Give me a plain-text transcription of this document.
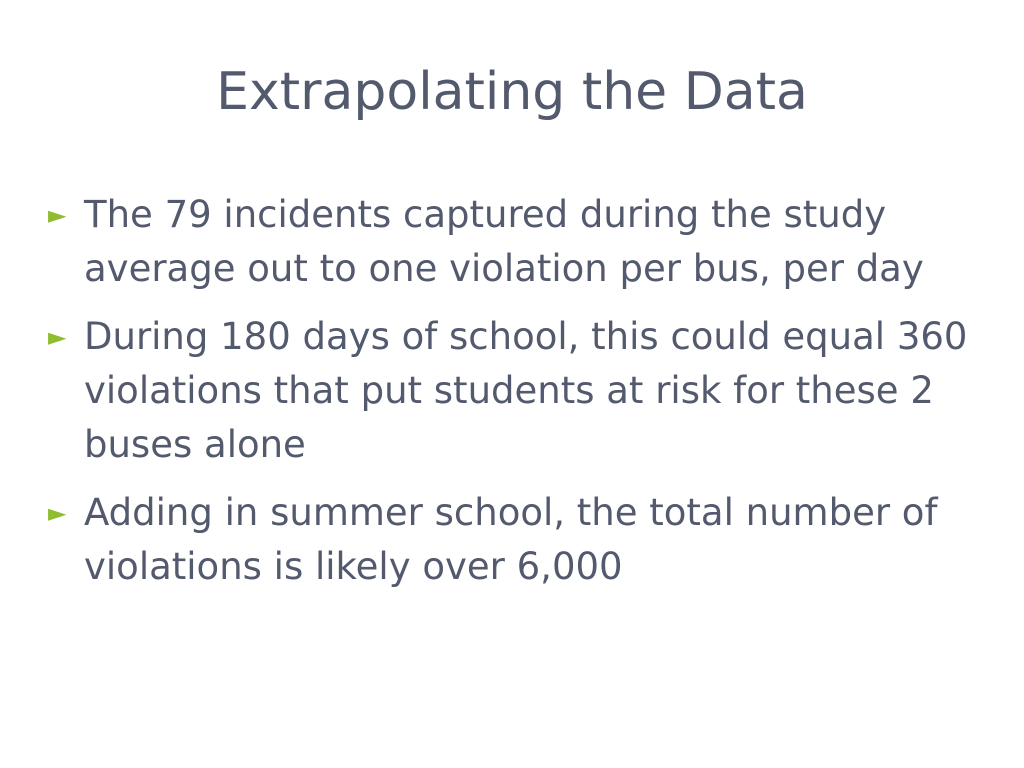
Extrapolating the Data
► The 79 incidents captured during the study average out to one violation per bus, per day
► During 180 days of school, this could equal 360 violations that put students at risk for these 2 buses alone
► Adding in summer school, the total number of violations is likely over 6,000
